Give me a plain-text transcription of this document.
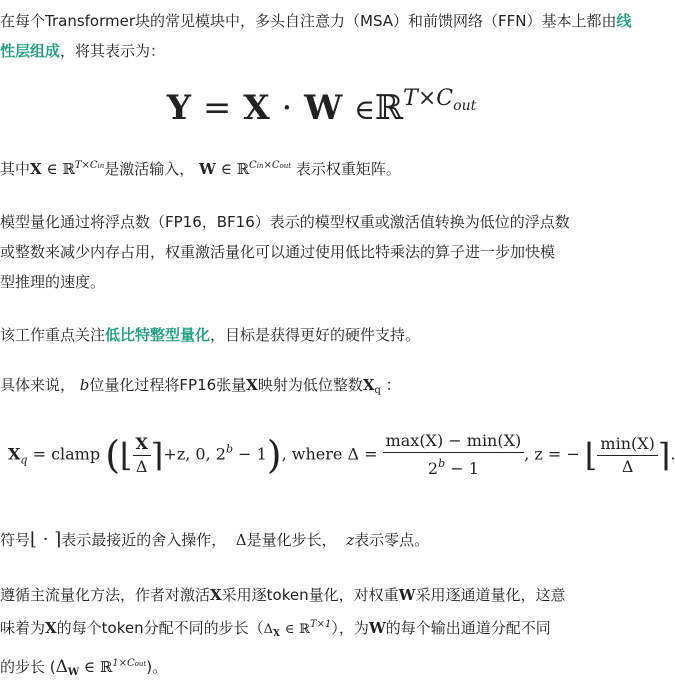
在每个Transformer块的常见模块中，多头自注意力（MSA）和前馈网络（FFN）基本上都由线性层组成，将其表示为：
Y = X · W ∈ℝ$^{T\times C_{out}}$
其中X ∈ ℝ$^{T\times Cin}$是激活输入， W ∈ ℝ$^{Cin\times Cout}$ 表示权重矩阵。
模型量化通过将浮点数（FP16，BF16）表示的模型权重或激活值转换为低位的浮点数
或整数来减少内存占用，权重激活量化可以通过使用低比特乘法的算子进一步加快模
型推理的速度。
该工作重点关注低比特整型量化，目标是获得更好的硬件支持。
具体来说， b位量化过程将FP16张量X映射为低位整数$X_q$ ：
$X_q$ = clamp (⌊ $\frac{X}{\Delta}$ ⌉+z, 0, $2^b - 1$), where $\Delta = \frac{\max(X) - \min(X)}{2^b - 1}$ , z = − ⌊ $\frac{\min(X)}{\Delta}$ ⌉.
符号⌊ · ⌉表示最接近的舍入操作， Δ是量化步长， z表示零点。
遵循主流量化方法，作者对激活X采用逐token量化，对权重W采用逐通道量化，这意
味着为X的每个token分配不同的步长（$\Delta_X$ ∈ ℝ$^{T\times 1}$），为W的每个输出通道分配不同
的步长 ($\Delta_W$ ∈ ℝ$^{1\times Cout}$)。
